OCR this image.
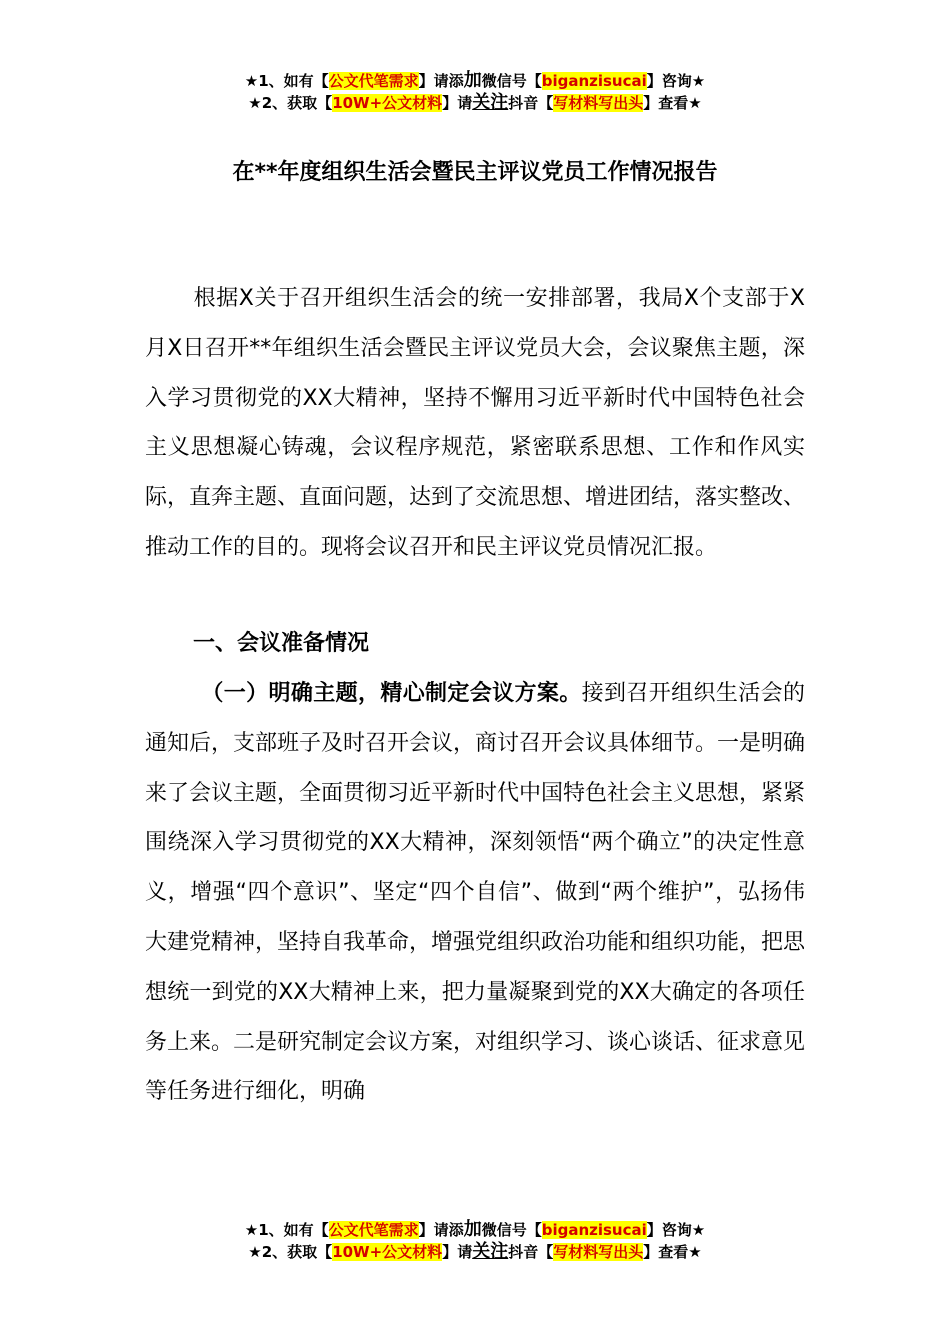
★1、如有【公文代笔需求】请添加微信号【biganzisucai】咨询★
★2、获取【10W+公文材料】请关注抖音【写材料写出头】查看★
在**年度组织生活会暨民主评议党员工作情况报告
根据X关于召开组织生活会的统一安排部署，我局X个支部于X月X日召开**年组织生活会暨民主评议党员大会，会议聚焦主题，深入学习贯彻党的XX大精神，坚持不懈用习近平新时代中国特色社会主义思想凝心铸魂，会议程序规范，紧密联系思想、工作和作风实际，直奔主题、直面问题，达到了交流思想、增进团结，落实整改、推动工作的目的。现将会议召开和民主评议党员情况汇报。
一、会议准备情况
（一）明确主题，精心制定会议方案。接到召开组织生活会的通知后，支部班子及时召开会议，商讨召开会议具体细节。一是明确来了会议主题，全面贯彻习近平新时代中国特色社会主义思想，紧紧围绕深入学习贯彻党的XX大精神，深刻领悟“两个确立”的决定性意义，增强“四个意识”、坚定“四个自信”、做到“两个维护”，弘扬伟大建党精神，坚持自我革命，增强党组织政治功能和组织功能，把思想统一到党的XX大精神上来，把力量凝聚到党的XX大确定的各项任务上来。二是研究制定会议方案，对组织学习、谈心谈话、征求意见等任务进行细化，明确
★1、如有【公文代笔需求】请添加微信号【biganzisucai】咨询★
★2、获取【10W+公文材料】请关注抖音【写材料写出头】查看★
